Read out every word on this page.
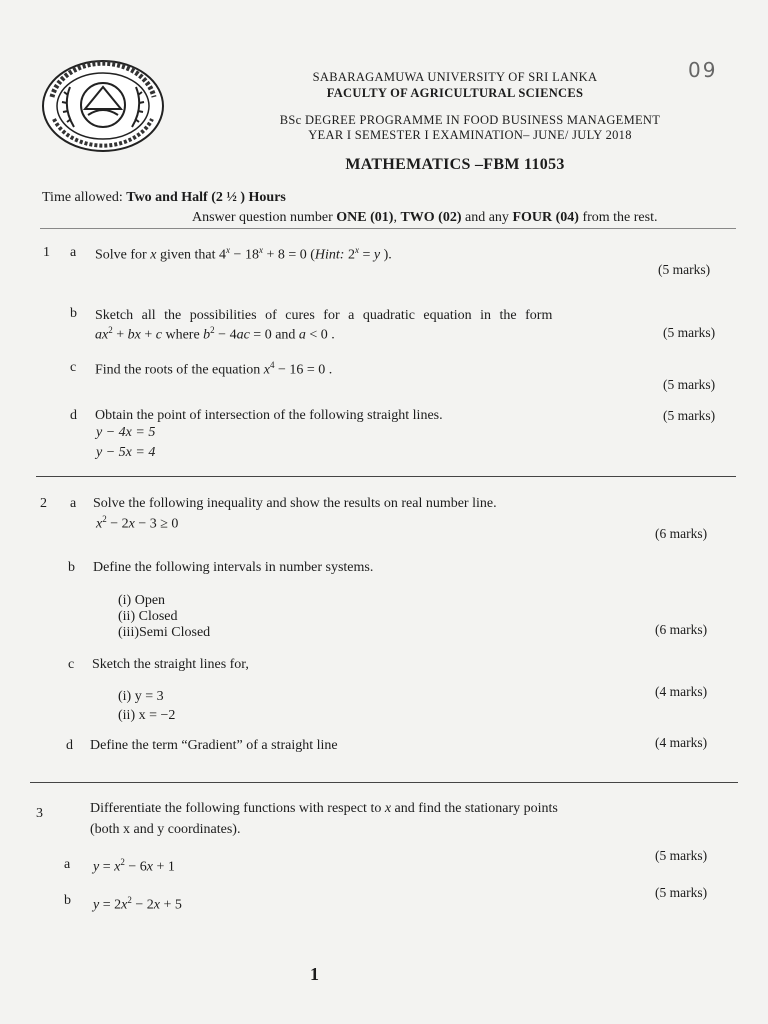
09
SABARAGAMUWA UNIVERSITY OF SRI LANKA
FACULTY OF AGRICULTURAL SCIENCES
BSc DEGREE PROGRAMME IN FOOD BUSINESS MANAGEMENT
YEAR I SEMESTER I EXAMINATION– JUNE/ JULY 2018
MATHEMATICS –FBM 11053
Time allowed: Two and Half (2 ½ ) Hours
Answer question number ONE (01), TWO (02) and any FOUR (04) from the rest.
1 a Solve for x given that $4^x - 18^x + 8 = 0$ (Hint: $2^x = y$ ).
(5 marks)
b Sketch all the possibilities of cures for a quadratic equation in the form
$ax^2$ + bx + c where $b^2 - 4ac = 0$ and a < 0 .	(5 marks)
c Find the roots of the equation $x^4 - 16 = 0$ .
(5 marks)
d Obtain the point of intersection of the following straight lines.	(5 marks)
y − 4x = 5
y − 5x = 4
2 a Solve the following inequality and show the results on real number line.
$x^2 - 2x - 3 \ge 0$
(6 marks)
b Define the following intervals in number systems.
(i) Open
(ii) Closed
(iii)Semi Closed	(6 marks)
c Sketch the straight lines for,
(i) y = 3
(ii) x = −2
(4 marks)
d Define the term “Gradient” of a straight line	(4 marks)
3	Differentiate the following functions with respect to x and find the stationary points
(both x and y coordinates).
a $y = x^2 - 6x + 1$
(5 marks)
b $y = 2x^2 - 2x + 5$
(5 marks)
1
